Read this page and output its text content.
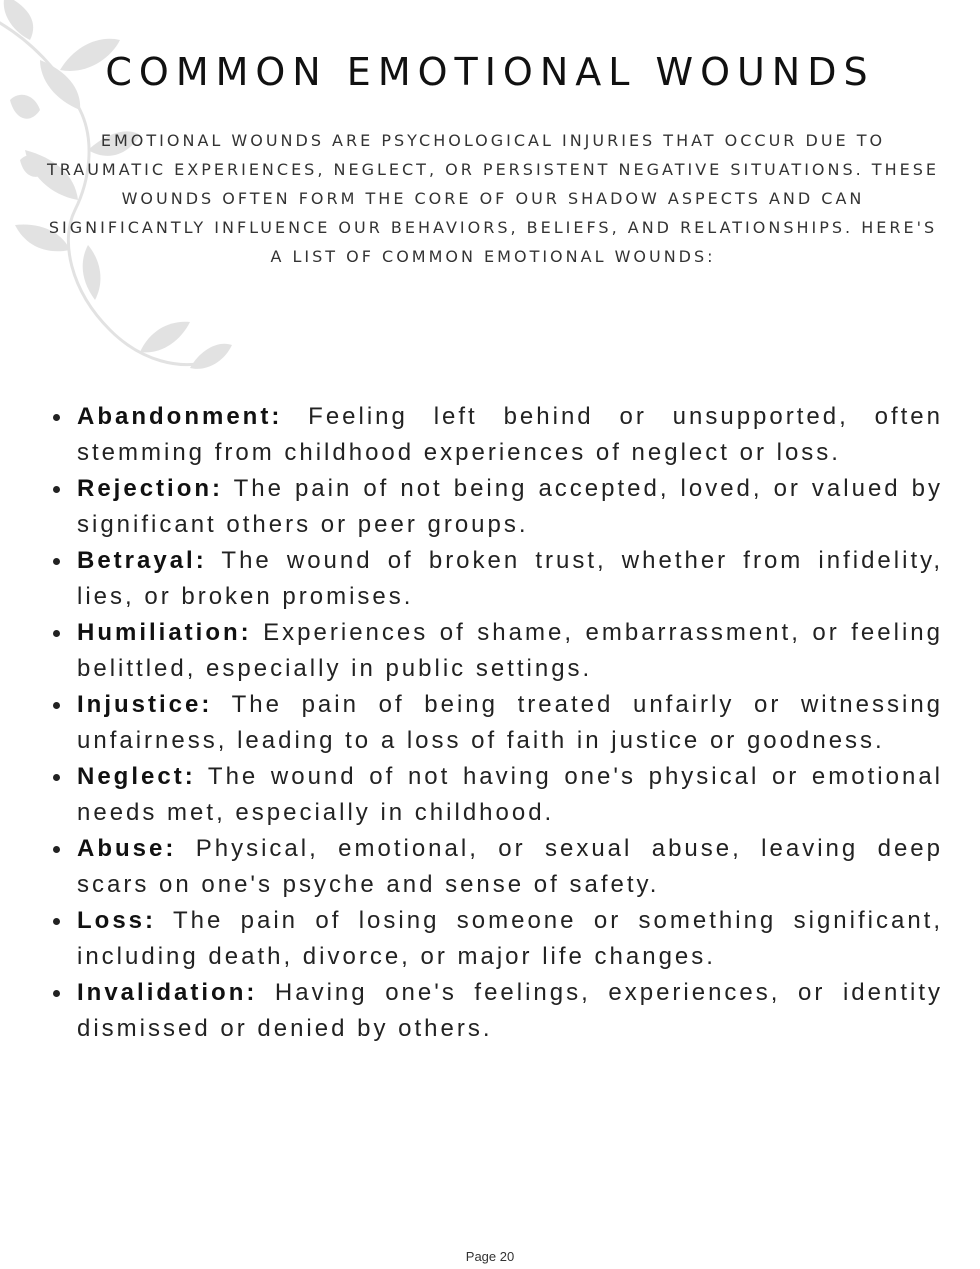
COMMON EMOTIONAL WOUNDS

EMOTIONAL WOUNDS ARE PSYCHOLOGICAL INJURIES THAT OCCUR DUE TO TRAUMATIC EXPERIENCES, NEGLECT, OR PERSISTENT NEGATIVE SITUATIONS. THESE WOUNDS OFTEN FORM THE CORE OF OUR SHADOW ASPECTS AND CAN SIGNIFICANTLY INFLUENCE OUR BEHAVIORS, BELIEFS, AND RELATIONSHIPS. HERE'S A LIST OF COMMON EMOTIONAL WOUNDS:

Abandonment: Feeling left behind or unsupported, often stemming from childhood experiences of neglect or loss.
Rejection: The pain of not being accepted, loved, or valued by significant others or peer groups.
Betrayal: The wound of broken trust, whether from infidelity, lies, or broken promises.
Humiliation: Experiences of shame, embarrassment, or feeling belittled, especially in public settings.
Injustice: The pain of being treated unfairly or witnessing unfairness, leading to a loss of faith in justice or goodness.
Neglect: The wound of not having one's physical or emotional needs met, especially in childhood.
Abuse: Physical, emotional, or sexual abuse, leaving deep scars on one's psyche and sense of safety.
Loss: The pain of losing someone or something significant, including death, divorce, or major life changes.
Invalidation: Having one's feelings, experiences, or identity dismissed or denied by others.
Page 20
